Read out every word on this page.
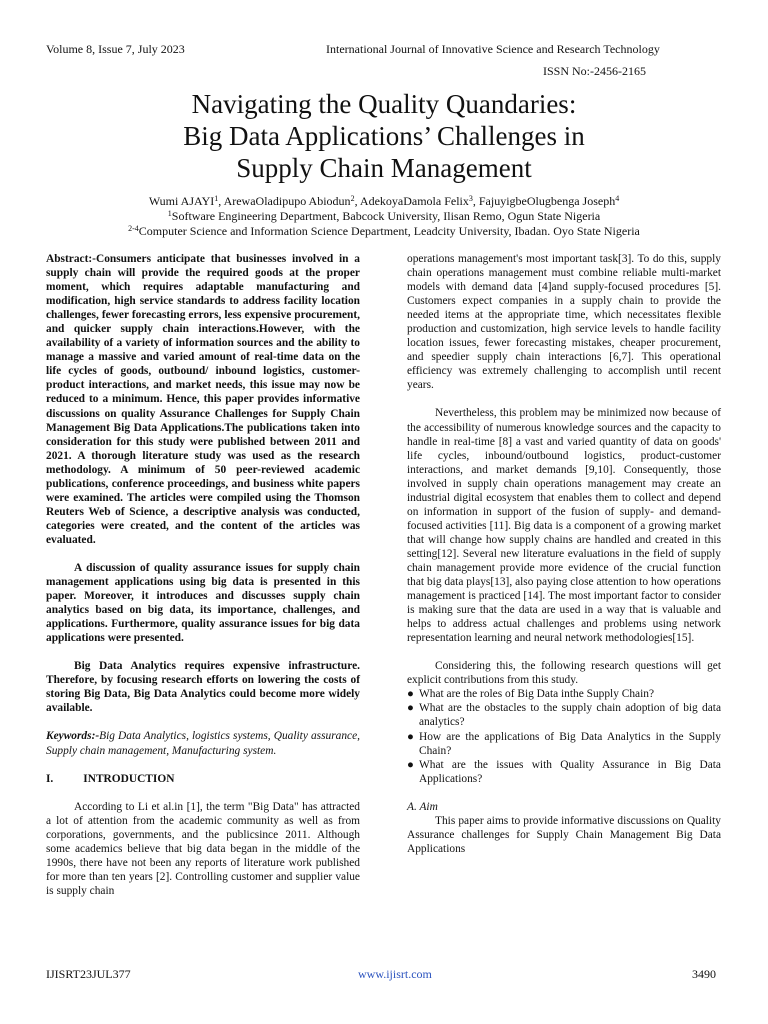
Volume 8, Issue 7, July 2023	International Journal of Innovative Science and Research Technology
ISSN No:-2456-2165
Navigating the Quality Quandaries:
Big Data Applications’ Challenges in
Supply Chain Management
Wumi AJAYI$^1$, ArewaOladipupo Abiodun$^2$, AdekoyaDamola Felix$^3$, FajuyigbeOlugbenga Joseph$^4$
$^1$Software Engineering Department, Babcock University, Ilisan Remo, Ogun State Nigeria
$^{2-4}$Computer Science and Information Science Department, Leadcity University, Ibadan. Oyo State Nigeria

Abstract:-Consumers anticipate that businesses involved in a supply chain will provide the required goods at the proper moment, which requires adaptable manufacturing and modification, high service standards to address facility location challenges, fewer forecasting errors, less expensive procurement, and quicker supply chain interactions.However, with the availability of a variety of information sources and the ability to manage a massive and varied amount of real-time data on the life cycles of goods, outbound/ inbound logistics, customer-product interactions, and market needs, this issue may now be reduced to a minimum. Hence, this paper provides informative discussions on quality Assurance Challenges for Supply Chain Management Big Data Applications.The publications taken into consideration for this study were published between 2011 and 2021. A thorough literature study was used as the research methodology. A minimum of 50 peer-reviewed academic publications, conference proceedings, and business white papers were examined. The articles were compiled using the Thomson Reuters Web of Science, a descriptive analysis was conducted, categories were created, and the content of the articles was evaluated.

A discussion of quality assurance issues for supply chain management applications using big data is presented in this paper. Moreover, it introduces and discusses supply chain analytics based on big data, its importance, challenges, and applications. Furthermore, quality assurance issues for big data applications were presented.

Big Data Analytics requires expensive infrastructure. Therefore, by focusing research efforts on lowering the costs of storing Big Data, Big Data Analytics could become more widely available.

Keywords:-Big Data Analytics, logistics systems, Quality assurance, Supply chain management, Manufacturing system.

I.	INTRODUCTION

According to Li et al.in [1], the term "Big Data" has attracted a lot of attention from the academic community as well as from corporations, governments, and the publicsince 2011. Although some academics believe that big data began in the middle of the 1990s, there have not been any reports of literature work published for more than ten years [2]. Controlling customer and supplier value is supply chain

operations management's most important task[3]. To do this, supply chain operations management must combine reliable multi-market models with demand data [4]and supply-focused procedures [5]. Customers expect companies in a supply chain to provide the needed items at the appropriate time, which necessitates flexible production and customization, high service levels to handle facility location issues, fewer forecasting mistakes, cheaper procurement, and speedier supply chain interactions [6,7]. This operational efficiency was extremely challenging to accomplish until recent years.

Nevertheless, this problem may be minimized now because of the accessibility of numerous knowledge sources and the capacity to handle in real-time [8] a vast and varied quantity of data on goods' life cycles, inbound/outbound logistics, product-customer interactions, and market demands [9,10]. Consequently, those involved in supply chain operations management may create an industrial digital ecosystem that enables them to collect and depend on information in support of the fusion of supply- and demand-focused activities [11]. Big data is a component of a growing market that will change how supply chains are handled and created in this setting[12]. Several new literature evaluations in the field of supply chain management provide more evidence of the crucial function that big data plays[13], also paying close attention to how operations management is practiced [14]. The most important factor to consider is making sure that the data are used in a way that is valuable and helps to address actual challenges and problems using network representation learning and neural network methodologies[15].

Considering this, the following research questions will get explicit contributions from this study.

● What are the roles of Big Data inthe Supply Chain?
● What are the obstacles to the supply chain adoption of big data analytics?
● How are the applications of Big Data Analytics in the Supply Chain?
● What are the issues with Quality Assurance in Big Data Applications?

A. Aim

This paper aims to provide informative discussions on Quality Assurance challenges for Supply Chain Management Big Data Applications

IJISRT23JUL377	www.ijisrt.com	3490
